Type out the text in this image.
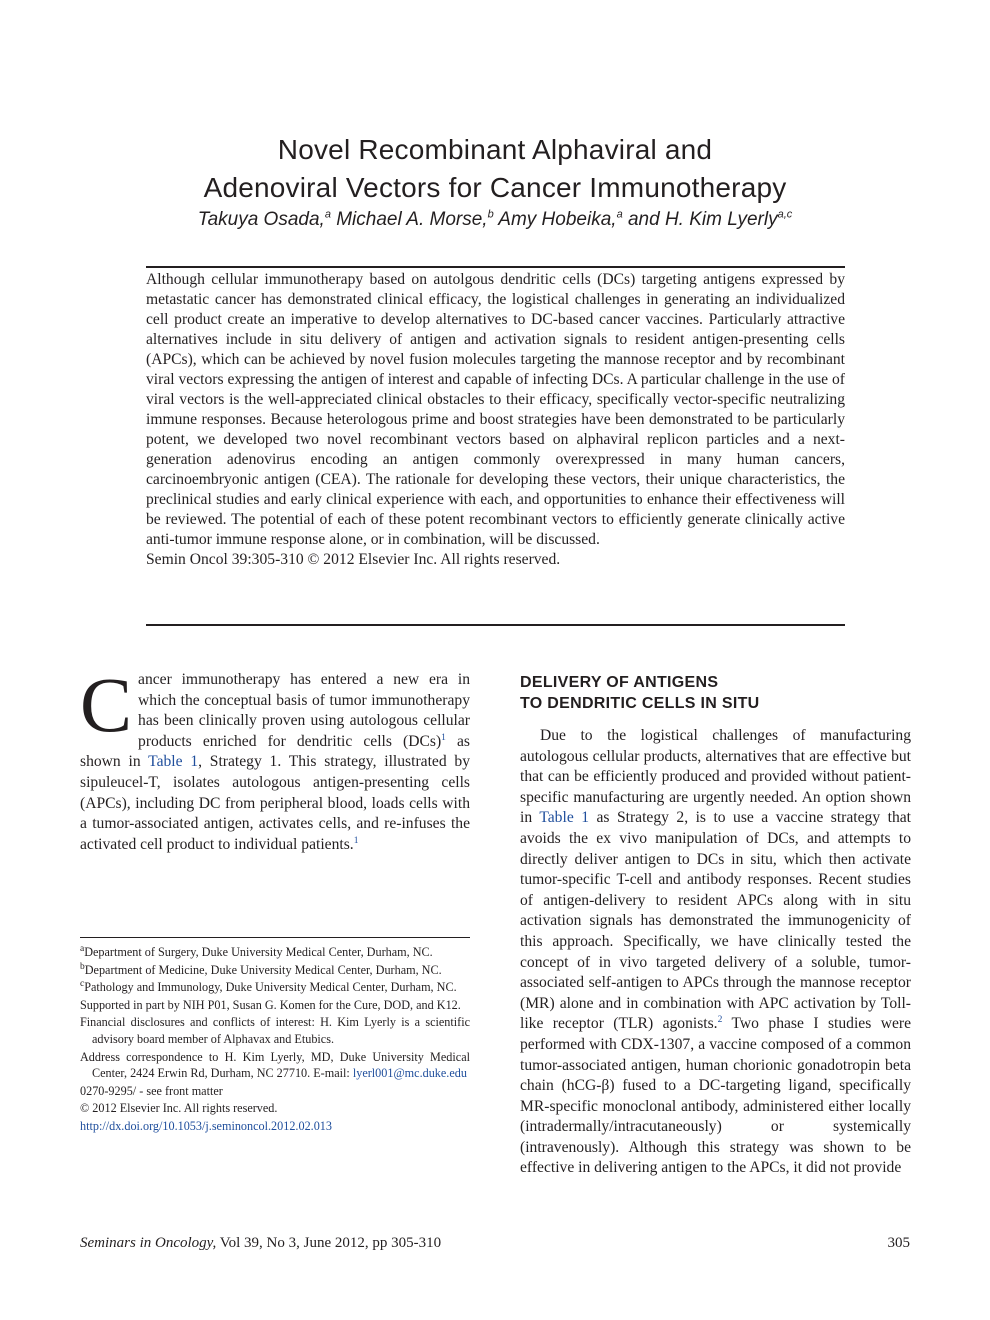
Novel Recombinant Alphaviral and
Adenoviral Vectors for Cancer Immunotherapy
Takuya Osada,$^a$ Michael A. Morse,$^b$ Amy Hobeika,$^a$ and H. Kim Lyerly$^{a,c}$
Although cellular immunotherapy based on autolgous dendritic cells (DCs) targeting antigens expressed by metastatic cancer has demonstrated clinical efficacy, the logistical challenges in generating an individualized cell product create an imperative to develop alternatives to DC-based cancer vaccines. Particularly attractive alternatives include in situ delivery of antigen and activation signals to resident antigen-presenting cells (APCs), which can be achieved by novel fusion molecules targeting the mannose receptor and by recombinant viral vectors expressing the antigen of interest and capable of infecting DCs. A particular challenge in the use of viral vectors is the well-appreciated clinical obstacles to their efficacy, specifically vector-specific neutralizing immune responses. Because heterologous prime and boost strategies have been demonstrated to be particularly potent, we developed two novel recombinant vectors based on alphaviral replicon particles and a next-generation adenovirus encoding an antigen commonly overexpressed in many human cancers, carcinoembryonic antigen (CEA). The rationale for developing these vectors, their unique characteristics, the preclinical studies and early clinical experience with each, and opportunities to enhance their effectiveness will be reviewed. The potential of each of these potent recombinant vectors to efficiently generate clinically active anti-tumor immune response alone, or in combination, will be discussed.
Semin Oncol 39:305-310 © 2012 Elsevier Inc. All rights reserved.

Cancer immunotherapy has entered a new era in which the conceptual basis of tumor immunotherapy has been clinically proven using autologous cellular products enriched for dendritic cells (DCs)$^1$ as shown in Table 1, Strategy 1. This strategy, illustrated by sipuleucel-T, isolates autologous antigen-presenting cells (APCs), including DC from peripheral blood, loads cells with a tumor-associated antigen, activates cells, and re-infuses the activated cell product to individual patients.$^1$

$^a$Department of Surgery, Duke University Medical Center, Durham, NC.

$^b$Department of Medicine, Duke University Medical Center, Durham, NC.

$^c$Pathology and Immunology, Duke University Medical Center, Durham, NC.

Supported in part by NIH P01, Susan G. Komen for the Cure, DOD, and K12.

Financial disclosures and conflicts of interest: H. Kim Lyerly is a scientific advisory board member of Alphavax and Etubics.

Address correspondence to H. Kim Lyerly, MD, Duke University Medical Center, 2424 Erwin Rd, Durham, NC 27710. E-mail: lyerl001@mc.duke.edu

0270-9295/ - see front matter

© 2012 Elsevier Inc. All rights reserved.

http://dx.doi.org/10.1053/j.seminoncol.2012.02.013

DELIVERY OF ANTIGENS
TO DENDRITIC CELLS IN SITU

Due to the logistical challenges of manufacturing autologous cellular products, alternatives that are effective but that can be efficiently produced and provided without patient-specific manufacturing are urgently needed. An option shown in Table 1 as Strategy 2, is to use a vaccine strategy that avoids the ex vivo manipulation of DCs, and attempts to directly deliver antigen to DCs in situ, which then activate tumor-specific T-cell and antibody responses. Recent studies of antigen-delivery to resident APCs along with in situ activation signals has demonstrated the immunogenicity of this approach. Specifically, we have clinically tested the concept of in vivo targeted delivery of a soluble, tumor-associated self-antigen to APCs through the mannose receptor (MR) alone and in combination with APC activation by Toll-like receptor (TLR) agonists.$^2$ Two phase I studies were performed with CDX-1307, a vaccine composed of a common tumor-associated antigen, human chorionic gonadotropin beta chain (hCG-β) fused to a DC-targeting ligand, specifically MR-specific monoclonal antibody, administered either locally (intradermally/intracutaneously) or systemically (intravenously). Although this strategy was shown to be effective in delivering antigen to the APCs, it did not provide

Seminars in Oncology, Vol 39, No 3, June 2012, pp 305-310	305
